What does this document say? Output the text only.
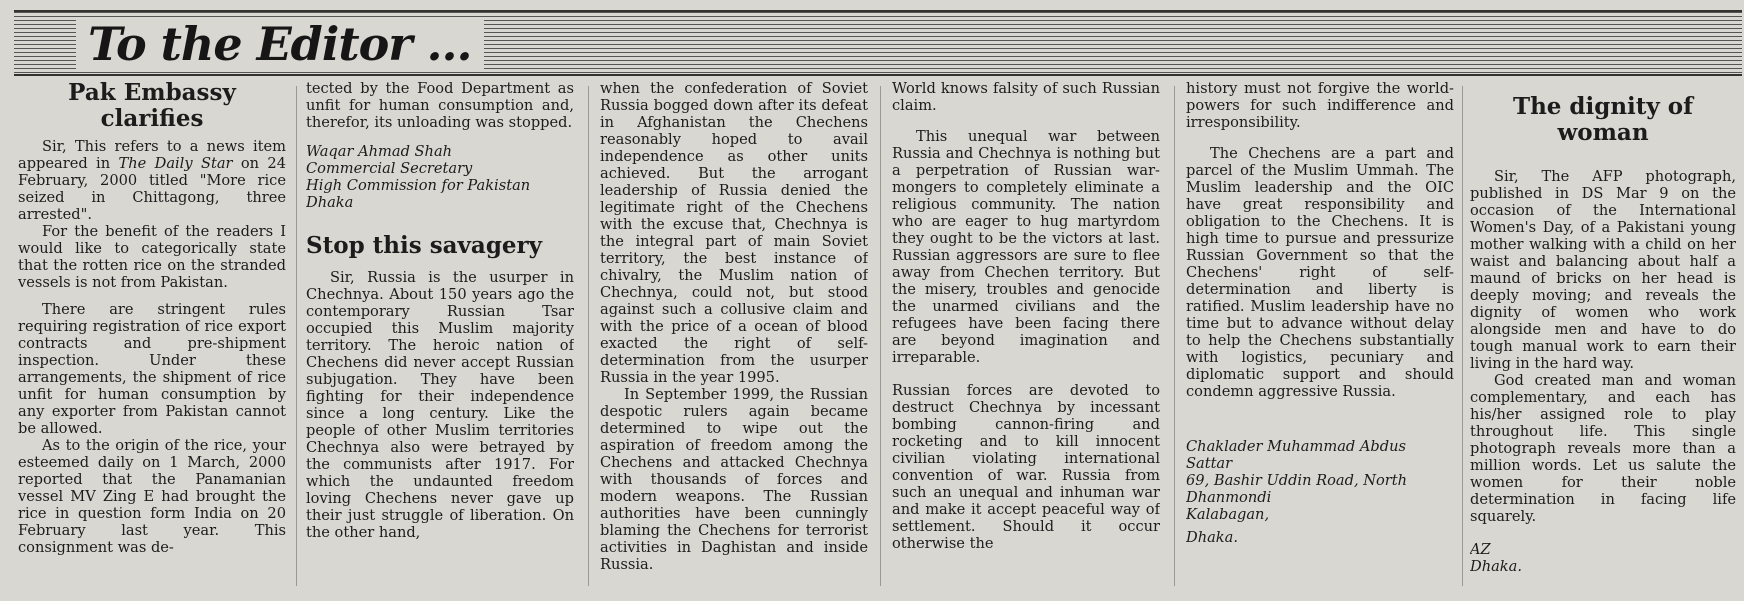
To the Editor ...
Pak Embassy clarifies

Sir, This refers to a news item appeared in The Daily Star on 24 February, 2000 titled "More rice seized in Chittagong, three arrested".

For the benefit of the readers I would like to categorically state that the rotten rice on the stranded vessels is not from Pakistan.

There are stringent rules requiring registration of rice export contracts and pre-shipment inspection. Under these arrangements, the shipment of rice unfit for human consumption by any exporter from Pakistan cannot be allowed.

As to the origin of the rice, your esteemed daily on 1 March, 2000 reported that the Panamanian vessel MV Zing E had brought the rice in question form India on 20 February last year. This consignment was de-

tected by the Food Department as unfit for human consumption and, therefor, its unloading was stopped.

Waqar Ahmad Shah
Commercial Secretary
High Commission for Pakistan
Dhaka
Stop this savagery

Sir, Russia is the usurper in Chechnya. About 150 years ago the contemporary Russian Tsar occupied this Muslim majority territory. The heroic nation of Chechens did never accept Russian subjugation. They have been fighting for their independence since a long century. Like the people of other Muslim territories Chechnya also were betrayed by the communists after 1917. For which the undaunted freedom loving Chechens never gave up their just struggle of liberation. On the other hand,

when the confederation of Soviet Russia bogged down after its defeat in Afghanistan the Chechens reasonably hoped to avail independence as other units achieved. But the arrogant leadership of Russia denied the legitimate right of the Chechens with the excuse that, Chechnya is the integral part of main Soviet territory, the best instance of chivalry, the Muslim nation of Chechnya, could not, but stood against such a collusive claim and with the price of a ocean of blood exacted the right of self-determination from the usurper Russia in the year 1995.

In September 1999, the Russian despotic rulers again became determined to wipe out the aspiration of freedom among the Chechens and attacked Chechnya with thousands of forces and modern weapons. The Russian authorities have been cunningly blaming the Chechens for terrorist activities in Daghistan and inside Russia.

World knows falsity of such Russian claim.

This unequal war between Russia and Chechnya is nothing but a perpetration of Russian war-mongers to completely eliminate a religious community. The nation who are eager to hug martyrdom they ought to be the victors at last. Russian aggressors are sure to flee away from Chechen territory. But the misery, troubles and genocide the unarmed civilians and the refugees have been facing there are beyond imagination and irreparable.

Russian forces are devoted to destruct Chechnya by incessant bombing cannon-firing and rocketing and to kill innocent civilian violating international convention of war. Russia from such an unequal and inhuman war and make it accept peaceful way of settlement. Should it occur otherwise the

history must not forgive the world-powers for such indifference and irresponsibility.

The Chechens are a part and parcel of the Muslim Ummah. The Muslim leadership and the OIC have great responsibility and obligation to the Chechens. It is high time to pursue and pressurize Russian Government so that the Chechens' right of self-determination and liberty is ratified. Muslim leadership have no time but to advance without delay to help the Chechens substantially with logistics, pecuniary and diplomatic support and should condemn aggressive Russia.

Chaklader Muhammad Abdus Sattar
69, Bashir Uddin Road, North Dhanmondi
Kalabagan,
Dhaka.
The dignity of woman

Sir, The AFP photograph, published in DS Mar 9 on the occasion of the International Women's Day, of a Pakistani young mother walking with a child on her waist and balancing about half a maund of bricks on her head is deeply moving; and reveals the dignity of women who work alongside men and have to do tough manual work to earn their living in the hard way.

God created man and woman complementary, and each has his/her assigned role to play throughout life. This single photograph reveals more than a million words. Let us salute the women for their noble determination in facing life squarely.

AZ
Dhaka.
